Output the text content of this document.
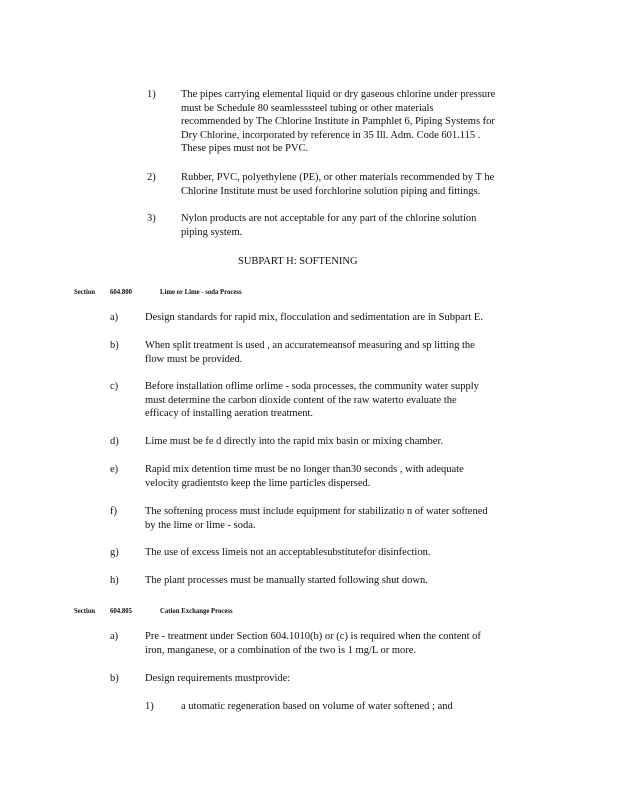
1) The pipes carrying elemental liquid or dry gaseous chlorine under pressure
must be Schedule 80 seamlesssteel tubing or other materials
recommended by The Chlorine Institute in Pamphlet 6, Piping Systems for
Dry Chlorine, incorporated by reference in 35 Ill. Adm. Code 601.115 .
These pipes must not be PVC.
2) Rubber, PVC, polyethylene (PE), or other materials recommended by T he
Chlorine Institute must be used forchlorine solution piping and fittings.
3) Nylon products are not acceptable for any part of the chlorine solution
piping system.
SUBPART H: SOFTENING
Section 604.800	Lime or Lime - soda Process
a)	Design standards for rapid mix, flocculation and sedimentation are in Subpart E.
b)	When split treatment is used , an accuratemeansof measuring and sp litting the
flow must be provided.
c)	Before installation oflime orlime - soda processes, the community water supply
must determine the carbon dioxide content of the raw waterto evaluate the
efficacy of installing aeration treatment.
d)	Lime must be fe d directly into the rapid mix basin or mixing chamber.
e)	Rapid mix detention time must be no longer than30 seconds , with adequate
velocity gradientsto keep the lime particles dispersed.
f)	The softening process must include equipment for stabilizatio n of water softened
by the lime or lime - soda.
g)	The use of excess limeis not an acceptablesubstitutefor disinfection.
h)	The plant processes must be manually started following shut down.
Section 604.805	Cation Exchange Process
a)	Pre - treatment under Section 604.1010(b) or (c) is required when the content of
iron, manganese, or a combination of the two is 1 mg/L or more.
b)	Design requirements mustprovide:
1)	a utomatic regeneration based on volume of water softened ; and
